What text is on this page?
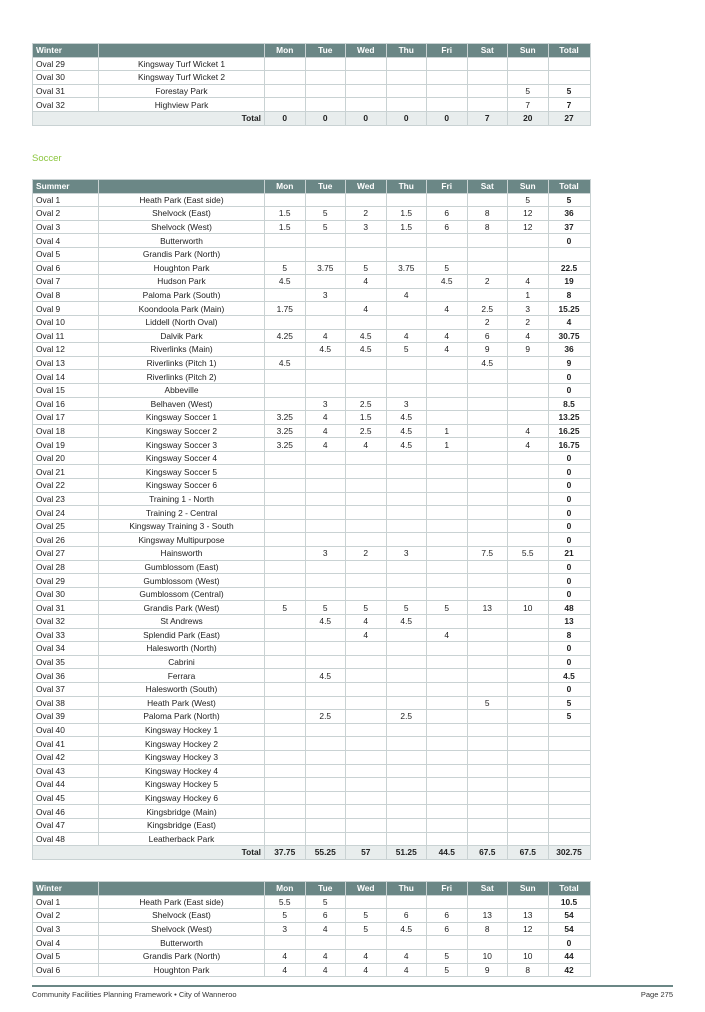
Winter		Mon	Tue	Wed	Thu	Fri	Sat	Sun	Total
Oval 29	Kingsway Turf Wicket 1								
Oval 30	Kingsway Turf Wicket 2								
Oval 31	Forestay Park							5	5
Oval 32	Highview Park							7	7
Total		0	0	0	0	0	7	20	27
Soccer
Summer		Mon	Tue	Wed	Thu	Fri	Sat	Sun	Total
Oval 1	Heath Park (East side)							5	5
Oval 2	Shelvock (East)	1.5	5	2	1.5	6	8	12	36
Oval 3	Shelvock (West)	1.5	5	3	1.5	6	8	12	37
Oval 4	Butterworth								0
Oval 5	Grandis Park (North)								
Oval 6	Houghton Park	5	3.75	5	3.75	5			22.5
Oval 7	Hudson Park	4.5		4		4.5	2	4	19
Oval 8	Paloma Park (South)		3		4			1	8
Oval 9	Koondoola Park (Main)	1.75		4		4	2.5	3	15.25
Oval 10	Liddell (North Oval)						2	2	4
Oval 11	Dalvik Park	4.25	4	4.5	4	4	6	4	30.75
Oval 12	Riverlinks (Main)		4.5	4.5	5	4	9	9	36
Oval 13	Riverlinks (Pitch 1)	4.5					4.5		9
Oval 14	Riverlinks (Pitch 2)								0
Oval 15	Abbeville								0
Oval 16	Belhaven (West)		3	2.5	3				8.5
Oval 17	Kingsway Soccer 1	3.25	4	1.5	4.5				13.25
Oval 18	Kingsway Soccer 2	3.25	4	2.5	4.5	1		4	16.25
Oval 19	Kingsway Soccer 3	3.25	4	4	4.5	1		4	16.75
Oval 20	Kingsway Soccer 4								0
Oval 21	Kingsway Soccer 5								0
Oval 22	Kingsway Soccer 6								0
Oval 23	Training 1 - North								0
Oval 24	Training 2 - Central								0
Oval 25	Kingsway Training 3 - South								0
Oval 26	Kingsway Multipurpose								0
Oval 27	Hainsworth		3	2	3		7.5	5.5	21
Oval 28	Gumblossom (East)								0
Oval 29	Gumblossom (West)								0
Oval 30	Gumblossom (Central)								0
Oval 31	Grandis Park (West)	5	5	5	5	5	13	10	48
Oval 32	St Andrews		4.5	4	4.5				13
Oval 33	Splendid Park (East)			4		4			8
Oval 34	Halesworth (North)								0
Oval 35	Cabrini								0
Oval 36	Ferrara		4.5						4.5
Oval 37	Halesworth (South)								0
Oval 38	Heath Park (West)						5		5
Oval 39	Paloma Park (North)		2.5		2.5				5
Oval 40	Kingsway Hockey 1								
Oval 41	Kingsway Hockey 2								
Oval 42	Kingsway Hockey 3								
Oval 43	Kingsway Hockey 4								
Oval 44	Kingsway Hockey 5								
Oval 45	Kingsway Hockey 6								
Oval 46	Kingsbridge (Main)								
Oval 47	Kingsbridge (East)								
Oval 48	Leatherback Park								
Total		37.75	55.25	57	51.25	44.5	67.5	67.5	302.75
Winter		Mon	Tue	Wed	Thu	Fri	Sat	Sun	Total
Oval 1	Heath Park (East side)	5.5	5						10.5
Oval 2	Shelvock (East)	5	6	5	6	6	13	13	54
Oval 3	Shelvock (West)	3	4	5	4.5	6	8	12	54
Oval 4	Butterworth								0
Oval 5	Grandis Park (North)	4	4	4	4	5	10	10	44
Oval 6	Houghton Park	4	4	4	4	5	9	8	42
Community Facilities Planning Framework • City of Wanneroo	Page 275
